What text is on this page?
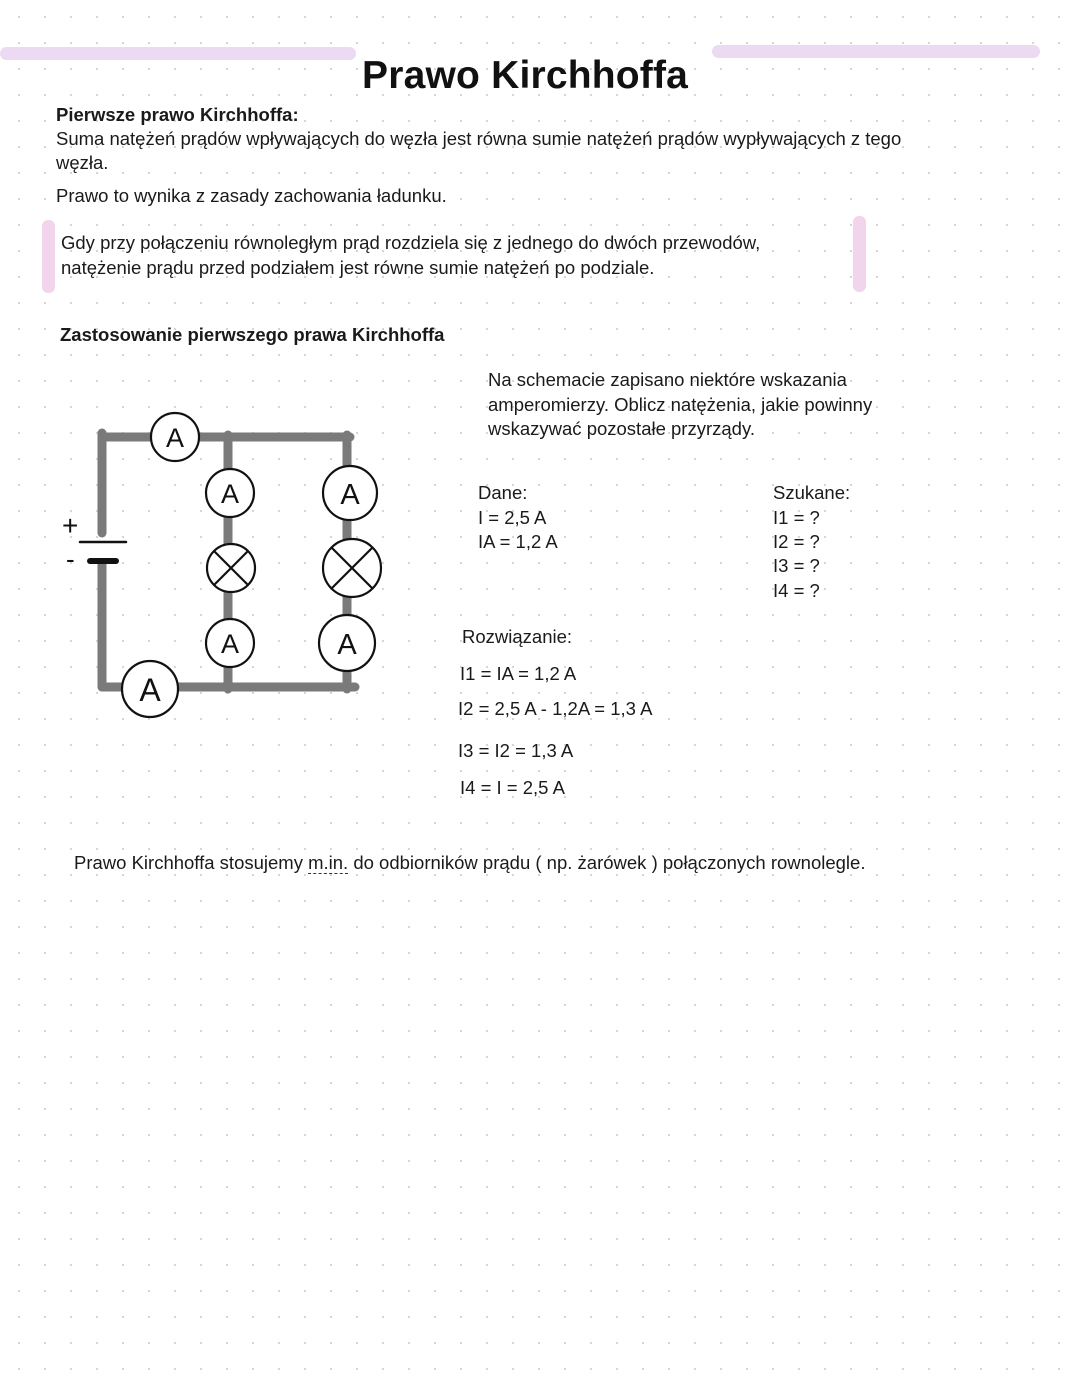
Prawo Kirchhoffa
Pierwsze prawo Kirchhoffa:
Suma natężeń prądów wpływających do węzła jest równa sumie natężeń prądów wypływających z tego
węzła.
Prawo to wynika z zasady zachowania ładunku.
Gdy przy połączeniu równoległym prąd rozdziela się z jednego do dwóch przewodów,
natężenie prądu przed podziałem jest równe sumie natężeń po podziale.
Zastosowanie pierwszego prawa Kirchhoffa
Na schemacie zapisano niektóre wskazania
amperomierzy. Oblicz natężenia, jakie powinny
wskazywać pozostałe przyrządy.
Dane:
I = 2,5 A
IA = 1,2 A
Szukane:
I1 = ?
I2 = ?
I3 = ?
I4 = ?
Rozwiązanie:
I1 = IA = 1,2 A
I2 = 2,5 A - 1,2A = 1,3 A
I3 = I2 = 1,3 A
I4 = I = 2,5 A
+
-
A
A	A
A	A
A
Prawo Kirchhoffa stosujemy m.in. do odbiorników prądu ( np. żarówek ) połączonych rownolegle.
